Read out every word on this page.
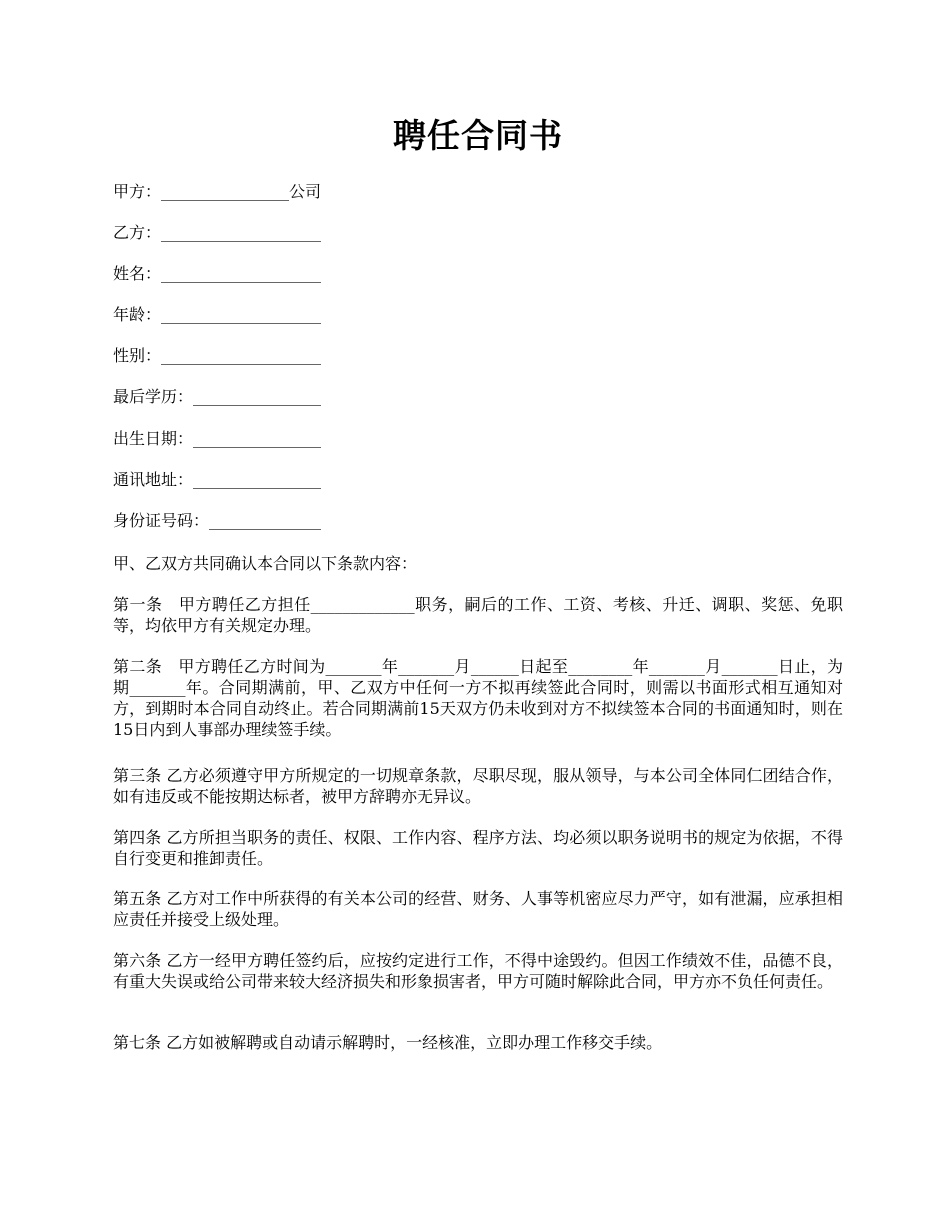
聘任合同书
甲方：________________公司
乙方：____________________
姓名：____________________
年龄：____________________
性别：____________________
最后学历：________________
出生日期：________________
通讯地址：________________
身份证号码：______________
甲、乙双方共同确认本合同以下条款内容：
第一条　甲方聘任乙方担任_____________职务，嗣后的工作、工资、考核、升迁、调职、奖惩、免职等，均依甲方有关规定办理。
第二条　甲方聘任乙方时间为_______年_______月______日起至________年_______月_______日止，为期_______年。合同期满前，甲、乙双方中任何一方不拟再续签此合同时，则需以书面形式相互通知对方，到期时本合同自动终止。若合同期满前15天双方仍未收到对方不拟续签本合同的书面通知时，则在15日内到人事部办理续签手续。
第三条 乙方必须遵守甲方所规定的一切规章条款，尽职尽现，服从领导，与本公司全体同仁团结合作，如有违反或不能按期达标者，被甲方辞聘亦无异议。
第四条 乙方所担当职务的责任、权限、工作内容、程序方法、均必须以职务说明书的规定为依据，不得自行变更和推卸责任。
第五条 乙方对工作中所获得的有关本公司的经营、财务、人事等机密应尽力严守，如有泄漏，应承担相应责任并接受上级处理。
第六条 乙方一经甲方聘任签约后，应按约定进行工作，不得中途毁约。但因工作绩效不佳，品德不良，有重大失误或给公司带来较大经济损失和形象损害者，甲方可随时解除此合同，甲方亦不负任何责任。
第七条 乙方如被解聘或自动请示解聘时，一经核准，立即办理工作移交手续。
